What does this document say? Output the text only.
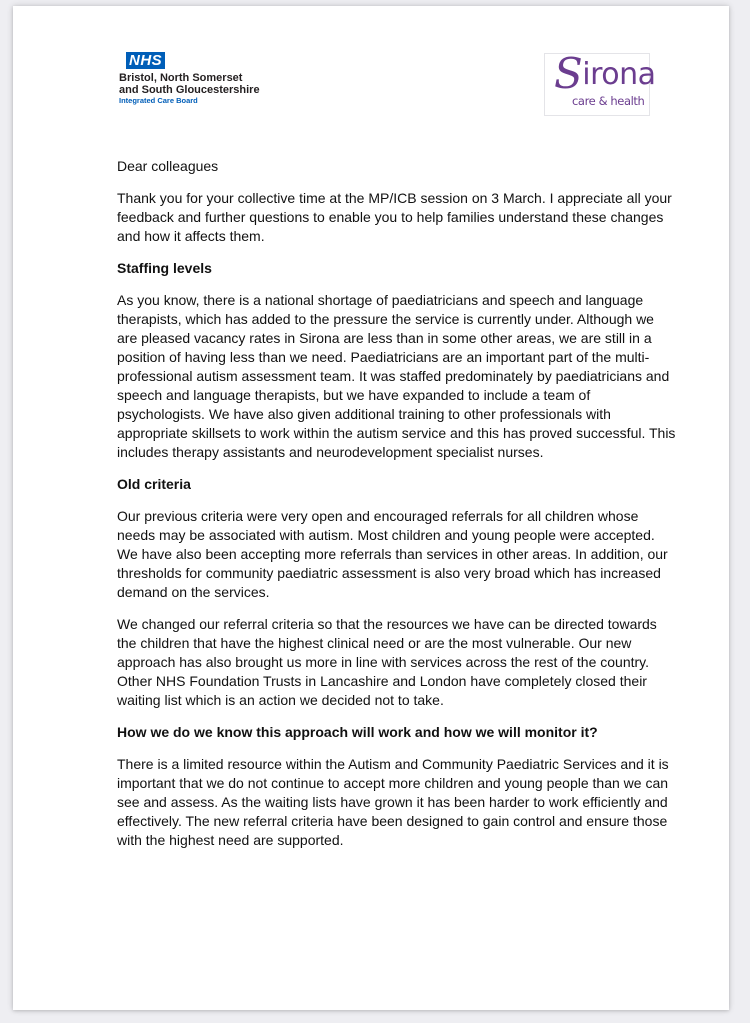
NHS
Bristol, North Somerset
and South Gloucestershire
Integrated Care Board
Sirona
care & health

Dear colleagues

Thank you for your collective time at the MP/ICB session on 3 March. I appreciate all your feedback and further questions to enable you to help families understand these changes and how it affects them.

Staffing levels

As you know, there is a national shortage of paediatricians and speech and language therapists, which has added to the pressure the service is currently under. Although we are pleased vacancy rates in Sirona are less than in some other areas, we are still in a position of having less than we need. Paediatricians are an important part of the multi-professional autism assessment team. It was staffed predominately by paediatricians and speech and language therapists, but we have expanded to include a team of psychologists. We have also given additional training to other professionals with appropriate skillsets to work within the autism service and this has proved successful. This includes therapy assistants and neurodevelopment specialist nurses.

Old criteria

Our previous criteria were very open and encouraged referrals for all children whose needs may be associated with autism. Most children and young people were accepted. We have also been accepting more referrals than services in other areas. In addition, our thresholds for community paediatric assessment is also very broad which has increased demand on the services.

We changed our referral criteria so that the resources we have can be directed towards the children that have the highest clinical need or are the most vulnerable. Our new approach has also brought us more in line with services across the rest of the country. Other NHS Foundation Trusts in Lancashire and London have completely closed their waiting list which is an action we decided not to take.

How we do we know this approach will work and how we will monitor it?

There is a limited resource within the Autism and Community Paediatric Services and it is important that we do not continue to accept more children and young people than we can see and assess. As the waiting lists have grown it has been harder to work efficiently and effectively. The new referral criteria have been designed to gain control and ensure those with the highest need are supported.
